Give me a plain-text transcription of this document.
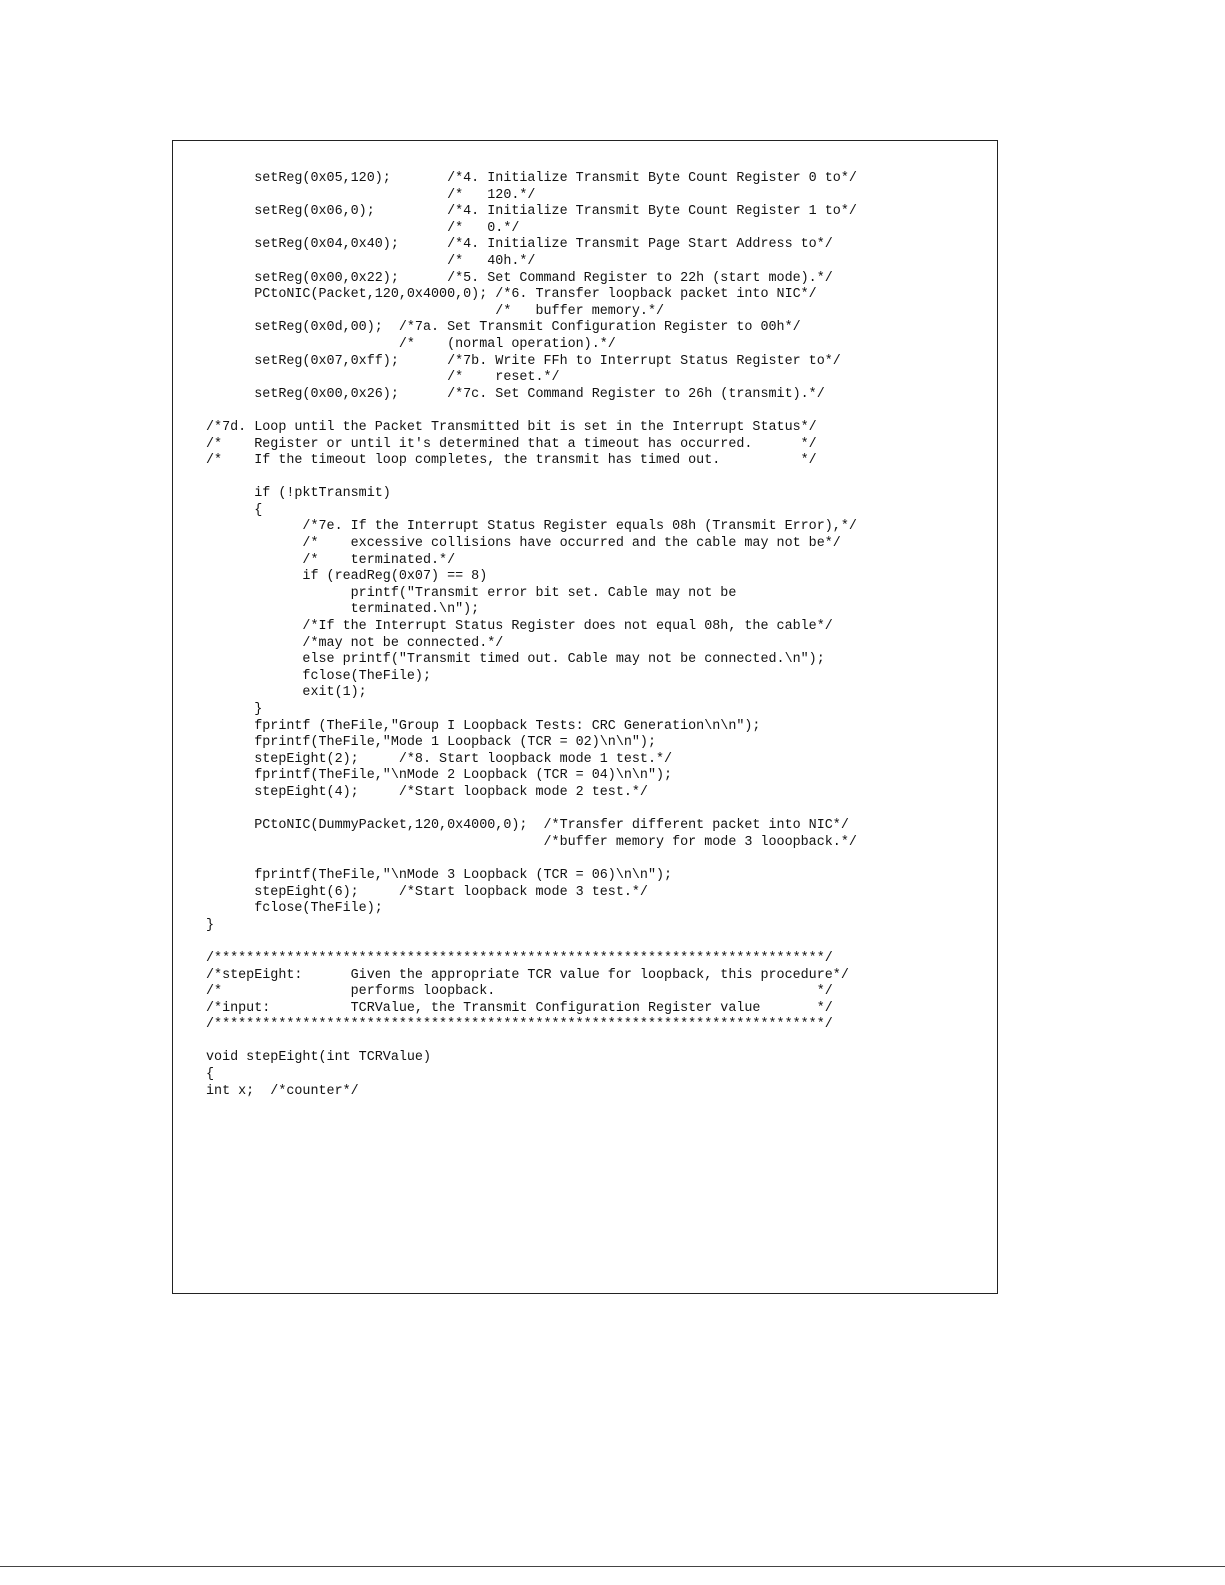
setReg(0x05,120);       /*4. Initialize Transmit Byte Count Register 0 to*/
/*   120.*/
setReg(0x06,0);         /*4. Initialize Transmit Byte Count Register 1 to*/
/*   0.*/
setReg(0x04,0x40);      /*4. Initialize Transmit Page Start Address to*/
/*   40h.*/
setReg(0x00,0x22);      /*5. Set Command Register to 22h (start mode).*/
PCtoNIC(Packet,120,0x4000,0); /*6. Transfer loopback packet into NIC*/
/*   buffer memory.*/
setReg(0x0d,00);  /*7a. Set Transmit Configuration Register to 00h*/
/*    (normal operation).*/
setReg(0x07,0xff);      /*7b. Write FFh to Interrupt Status Register to*/
/*    reset.*/
setReg(0x00,0x26);      /*7c. Set Command Register to 26h (transmit).*/
/*7d. Loop until the Packet Transmitted bit is set in the Interrupt Status*/
/*    Register or until it's determined that a timeout has occurred.      */
/*    If the timeout loop completes, the transmit has timed out.          */
if (!pktTransmit)
{
/*7e. If the Interrupt Status Register equals 08h (Transmit Error),*/
/*    excessive collisions have occurred and the cable may not be*/
/*    terminated.*/
if (readReg(0x07) == 8)
printf("Transmit error bit set. Cable may not be
terminated.\n");
/*If the Interrupt Status Register does not equal 08h, the cable*/
/*may not be connected.*/
else printf("Transmit timed out. Cable may not be connected.\n");
fclose(TheFile);
exit(1);
}
fprintf (TheFile,"Group I Loopback Tests: CRC Generation\n\n");
fprintf(TheFile,"Mode 1 Loopback (TCR = 02)\n\n");
stepEight(2);     /*8. Start loopback mode 1 test.*/
fprintf(TheFile,"\nMode 2 Loopback (TCR = 04)\n\n");
stepEight(4);     /*Start loopback mode 2 test.*/
PCtoNIC(DummyPacket,120,0x4000,0);  /*Transfer different packet into NIC*/
/*buffer memory for mode 3 looopback.*/
fprintf(TheFile,"\nMode 3 Loopback (TCR = 06)\n\n");
stepEight(6);     /*Start loopback mode 3 test.*/
fclose(TheFile);
}
/****************************************************************************/
/*stepEight:      Given the appropriate TCR value for loopback, this procedure*/
/*                performs loopback.                                        */
/*input:          TCRValue, the Transmit Configuration Register value       */
/****************************************************************************/
void stepEight(int TCRValue)
{
int x;  /*counter*/
